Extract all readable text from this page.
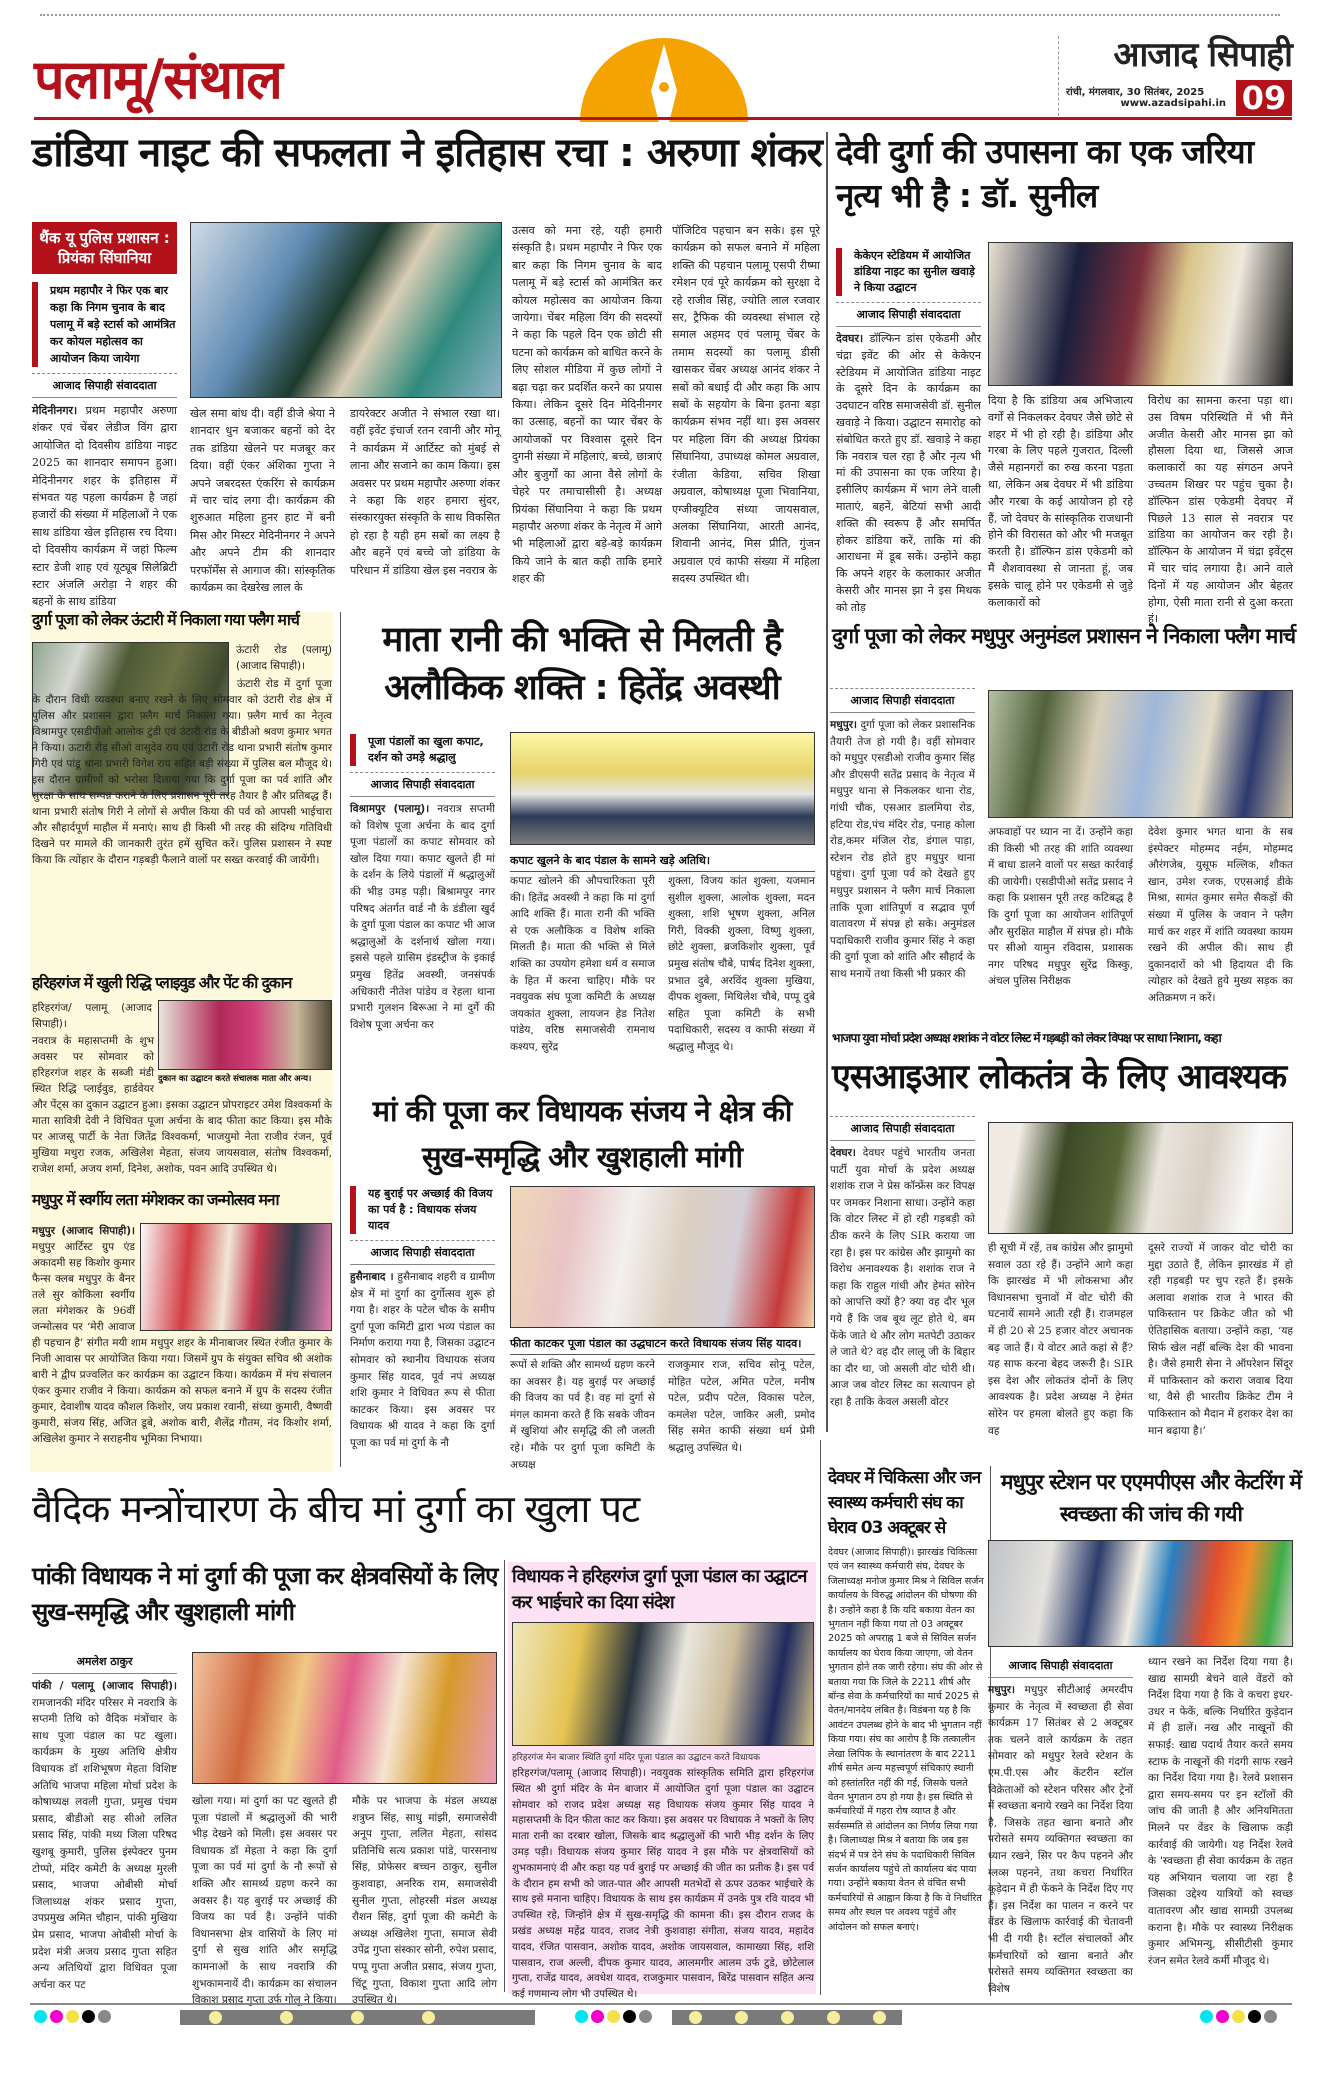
पलामू/संथाल	आजाद सिपाही
रांची, मंगलवार, 30 सितंबर, 2025
www.azadsipahi.in 09
डांडिया नाइट की सफलता ने इतिहास रचा : अरुणा शंकर
थैंक यू पुलिस प्रशासन : प्रियंका सिंघानिया
प्रथम महापौर ने फिर एक बार कहा कि निगम चुनाव के बाद पलामू में बड़े स्टार्स को आमंत्रित कर कोयल महोत्सव का आयोजन किया जायेगा
आजाद सिपाही संवाददाता
मेदिनीनगर। प्रथम महापौर अरुणा शंकर एवं चेंबर लेडीज विंग द्वारा आयोजित दो दिवसीय डांडिया नाइट 2025 का शानदार समापन हुआ। मेदिनीनगर शहर के इतिहास में संभवत यह पहला कार्यक्रम है जहां हजारों की संख्या में महिलाओं ने एक साथ डांडिया खेल इतिहास रच दिया। दो दिवसीय कार्यक्रम में जहां फिल्म स्टार डेजी शाह एवं यूट्यूब सिलेब्रिटी स्टार अंजलि अरोड़ा ने शहर की बहनों के साथ डांडिया
खेल समा बांध दी। वहीं डीजे श्रेया ने शानदार धुन बजाकर बहनों को देर तक डांडिया खेलने पर मजबूर कर दिया। वहीं एंकर अंशिका गुप्ता ने अपने जबरदस्त एंकरिंग से कार्यक्रम में चार चांद लगा दी। कार्यक्रम की शुरुआत महिला हुनर हाट में बनी मिस और मिस्टर मेदिनीनगर ने अपने और अपने टीम की शानदार परफॉर्मेंस से आगाज की। सांस्कृतिक कार्यक्रम का देखरेख लाल के
डायरेक्टर अजीत ने संभाल रखा था। वहीं इवेंट इंचार्ज रतन रवानी और मोनू ने कार्यक्रम में आर्टिस्ट को मुंबई से लाना और सजाने का काम किया। इस अवसर पर प्रथम महापौर अरुणा शंकर ने कहा कि शहर हमारा सुंदर, संस्कारयुक्त संस्कृति के साथ विकसित हो रहा है यही हम सबों का लक्ष्य है और बहनें एवं बच्चे जो डांडिया के परिधान में डांडिया खेल इस नवरात्र के
उत्सव को मना रहे, यही हमारी संस्कृति है। प्रथम महापौर ने फिर एक बार कहा कि निगम चुनाव के बाद पलामू में बड़े स्टार्स को आमंत्रित कर कोयल महोत्सव का आयोजन किया जायेगा। चेंबर महिला विंग की सदस्यों ने कहा कि पहले दिन एक छोटी सी घटना को कार्यक्रम को बाधित करने के लिए सोशल मीडिया में कुछ लोगों ने बढ़ा चढ़ा कर प्रदर्शित करने का प्रयास किया। लेकिन दूसरे दिन मेदिनीनगर का उत्साह, बहनों का प्यार चेंबर के आयोजकों पर विश्वास दूसरे दिन दुगनी संख्या में महिलाएं, बच्चे, छात्राएं और बुजुर्गों का आना वैसे लोगों के चेहरे पर तमाचासीसी है। अध्यक्ष प्रियंका सिंघानिया ने कहा कि प्रथम महापौर अरुणा शंकर के नेतृत्व में आगे भी महिलाओं द्वारा बड़े-बड़े कार्यक्रम किये जाने के बात कही ताकि हमारे शहर की
पॉजिटिव पहचान बन सके। इस पूरे कार्यक्रम को सफल बनाने में महिला शक्ति की पहचान पलामू एसपी रीष्मा रमेशन एवं पूरे कार्यक्रम को सुरक्षा दे रहे राजीव सिंह, ज्योति लाल रजवार सर, ट्रैफिक की व्यवस्था संभाल रहे समाल अहमद एवं पलामू चेंबर के तमाम सदस्यों का पलामू डीसी खासकर चेंबर अध्यक्ष आनंद शंकर ने सबों को बधाई दी और कहा कि आप सबों के सहयोग के बिना इतना बड़ा कार्यक्रम संभव नहीं था। इस अवसर पर महिला विंग की अध्यक्ष प्रियंका सिंघानिया, उपाध्यक्ष कोमल अग्रवाल, रंजीता केडिया, सचिव शिखा अग्रवाल, कोषाध्यक्ष पूजा भिवानिया, एग्जीक्यूटिव संध्या जायसवाल, अलका सिंघानिया, आरती आनंद, शिवानी आनंद, मिस प्रीति, गुंजन अग्रवाल एवं काफी संख्या में महिला सदस्य उपस्थित थी।
देवी दुर्गा की उपासना का एक जरिया नृत्य भी है : डॉ. सुनील
केकेएन स्टेडियम में आयोजित डांडिया नाइट का सुनील खवाड़े ने किया उद्घाटन
आजाद सिपाही संवाददाता
देवघर। डॉल्फिन डांस एकेडमी और चंद्रा इवेंट की ओर से केकेएन स्टेडियम में आयोजित डांडिया नाइट के दूसरे दिन के कार्यक्रम का उदघाटन वरिष्ठ समाजसेवी डॉ. सुनील खवाड़े ने किया। उद्घाटन समारोह को संबोधित करते हुए डॉ. खवाड़े ने कहा कि नवरात्र चल रहा है और नृत्य भी मां की उपासना का एक जरिया है। इसीलिए कार्यक्रम में भाग लेने वाली माताएं, बहनें, बेटियां सभी आदी शक्ति की स्वरूप हैं और समर्पित होकर डांडिया करें, ताकि मां की आराधना में डूब सकें। उन्होंने कहा कि अपने शहर के कलाकार अजीत केसरी और मानस झा ने इस मिथक को तोड़
दिया है कि डांडिया अब अभिजात्य वर्गों से निकलकर देवघर जैसे छोटे से शहर में भी हो रही है। डांडिया और गरबा के लिए पहले गुजरात, दिल्ली जैसे महानगरों का रुख करना पड़ता था, लेकिन अब देवघर में भी डांडिया और गरबा के कई आयोजन हो रहे हैं, जो देवघर के सांस्कृतिक राजधानी होने की विरासत को और भी मजबूत करती है। डॉल्फिन डांस एकेडमी को मैं शैशवावस्था से जानता हूं, जब इसके चालू होने पर एकेडमी से जुड़े कलाकारों को
विरोध का सामना करना पड़ा था। उस विषम परिस्थिति में भी मैंने अजीत केसरी और मानस झा को हौसला दिया था, जिससे आज कलाकारों का यह संगठन अपने उच्चतम शिखर पर पहुंच चुका है। डॉल्फिन डांस एकेडमी देवघर में पिछले 13 साल से नवरात्र पर डांडिया का आयोजन कर रही है। डॉल्फिन के आयोजन में चंद्रा इवेंट्स में चार चांद लगाया है। आने वाले दिनों में यह आयोजन और बेहतर होगा, ऐसी माता रानी से दुआ करता हूं।
दुर्गा पूजा को लेकर ऊंटारी में निकाला गया फ्लैग मार्च
ऊंटारी रोड (पलामू) (आजाद सिपाही)।
ऊंटारी रोड में दुर्गा पूजा के दौरान विधी व्यवस्था बनाए रखने के लिए सोमवार को उंटारी रोड क्षेत्र में पुलिस और प्रशासन द्वारा फ़्लैग मार्च निकाला गया। फ़्लैग मार्च का नेतृत्व विश्रामपुर एसडीपीओ आलोक टुंडी एवं उंटारी रोड के बीडीओ श्रवण कुमार भगत ने किया। ऊटारी रोड़ सीओ वासुदेव राय एवं उंटारी रोड थाना प्रभारी संतोष कुमार गिरी एवं पांडू थाना प्रभारी विगेश राय सहित बड़ी संख्या में पुलिस बल मौजूद थे। इस दौरान ग्रामीणों को भरोसा दिलाया गया कि दुर्गा पूजा का पर्व शांति और सुरक्षा के साथ सम्पन्न कराने के लिए प्रशासन पूरी तरह तैयार है और प्रतिबद्ध हैं। थाना प्रभारी संतोष गिरी ने लोगों से अपील किया की पर्व को आपसी भाईचारा और सौहार्दपूर्ण माहौल में मनाएं। साथ ही किसी भी तरह की संदिग्ध गतिविधी दिखने पर मामले की जानकारी तुरंत हमें सुचित करें। पुलिस प्रशासन ने स्पष्ट किया कि त्योंहार के दौरान गड़बड़ी फैलाने वालों पर सख्त करवाई की जायेंगी।
हरिहरगंज में खुली रिद्धि प्लाइवुड और पेंट की दुकान
दुकान का उद्घाटन करते संचालक माता और अन्य।
हरिहरगंज/ पलामू (आजाद सिपाही)।
नवरात्र के महासप्तमी के शुभ अवसर पर सोमवार को हरिहरगंज शहर के सब्जी मंडी स्थित रिद्धि प्लाईवुड, हार्डवेयर और पेंट्स का दुकान उद्घाटन हुआ। इसका उद्घाटन प्रोपराइटर उमेश विश्वकर्मा के माता सावित्री देवी ने विधिवत पूजा अर्चना के बाद फीता काट किया। इस मौके पर आजसू पार्टी के नेता जितेंद्र विश्वकर्मा, भाजयुमो नेता राजीव रंजन, पूर्व मुखिया मथुरा रजक, अखिलेश मेहता, संजय जायसवाल, संतोष विश्वकर्मा, राजेश शर्मा, अजय शर्मा, दिनेश, अशोक, पवन आदि उपस्थित थे।
मधुपुर में स्वर्गीय लता मंगेशकर का जन्मोत्सव मना
मधुपुर (आजाद सिपाही)। मधुपुर आर्टिस्ट ग्रुप एंड अकादमी सह किशोर कुमार फैन्स क्लब मधुपुर के बैनर तले सुर कोकिला स्वर्गीय लता मंगेशकर के 96वीं जन्मोत्सव पर ‘मेरी आवाज ही पहचान है’ संगीत मयी शाम मधुपुर शहर के मीनाबाजर स्थित रंजीत कुमार के निजी आवास पर आयोजित किया गया। जिसमें ग्रुप के संयुक्त सचिव श्री अशोक बारी ने द्वीप प्रज्वलित कर कार्यक्रम का उद्घाटन किया। कार्यक्रम में मंच संचालन एंकर कुमार राजीव ने किया। कार्यक्रम को सफल बनाने में ग्रुप के सदस्य रंजीत कुमार, देवाशीष यादव कौशल किशोर, जय प्रकाश रवानी, संध्या कुमारी, वैष्णवी कुमारी, संजय सिंह, अजित डूबे, अशोक बारी, शैलेंद्र गौतम, नंद किशोर शर्मा, अखिलेश कुमार ने सराहनीय भूमिका निभाया।
माता रानी की भक्ति से मिलती है अलौकिक शक्ति : हितेंद्र अवस्थी
पूजा पंडालों का खुला कपाट, दर्शन को उमड़े श्रद्धालु
आजाद सिपाही संवाददाता
विश्रामपुर (पलामू)। नवरात्र सप्तमी को विशेष पूजा अर्चना के बाद दुर्गा पूजा पंडालों का कपाट सोमवार को खोल दिया गया। कपाट खुलते ही मां के दर्शन के लिये पंडालों में श्रद्धालुओं की भीड़ उमड़ पड़ी। बिश्रामपुर नगर परिषद अंतर्गत वार्ड नौ के डंडीला खुर्द के दुर्गा पूजा पंडाल का कपाट भी आज श्रद्धालुओं के दर्शनार्थ खोला गया। इससे पहले ग्रासिम इंडस्ट्रीज के इकाई प्रमुख हितेंद्र अवस्थी, जनसंपर्क अधिकारी नीतेश पांडेय व रेहला थाना प्रभारी गुलशन बिरूआ ने मां दुर्गे की विशेष पूजा अर्चना कर
कपाट खुलने के बाद पंडाल के सामने खड़े अतिथि।
कपाट खोलने की औपचारिकता पूरी की। हितेंद्र अवस्थी ने कहा कि मां दुर्गा आदि शक्ति हैं। माता रानी की भक्ति से एक अलौकिक व विशेष शक्ति मिलती है। माता की भक्ति से मिले शक्ति का उपयोग हमेशा धर्म व समाज के हित में करना चाहिए। मौके पर नवयुवक संघ पूजा कमिटी के अध्यक्ष जयकांत शुक्ला, लायजन हेड नितेश पांडेय, वरिष्ठ समाजसेवी रामनाथ कश्यप, सुरेंद्र
शुक्ला, विजय कांत शुक्ला, यजमान सुशील शुक्ला, आलोक शुक्ला, मदन शुक्ला, शशि भूषण शुक्ला, अनिल गिरी, विक्की शुक्ला, विष्णु शुक्ला, छोटे शुक्ला, ब्रजकिशोर शुक्ला, पूर्व प्रमुख संतोष चौबे, पार्षद दिनेश शुक्ला, प्रभात दुबे, अरविंद शुक्ला मुखिया, दीपक शुक्ला, मिथिलेश चौबे, पप्पू दुबे सहित पूजा कमिटी के सभी पदाधिकारी, सदस्य व काफी संख्या में श्रद्धालु मौजूद थे।
मां की पूजा कर विधायक संजय ने क्षेत्र की सुख-समृद्धि और खुशहाली मांगी
यह बुराई पर अच्छाई की विजय का पर्व है : विधायक संजय यादव
आजाद सिपाही संवाददाता
हुसैनाबाद । हुसैनाबाद शहरी व ग्रामीण क्षेत्र में मां दुर्गा का दुर्गोत्सव शुरू हो गया है। शहर के पटेल चौक के समीप दुर्गा पूजा कमिटी द्वारा भव्य पंडाल का निर्माण कराया गया है, जिसका उद्घाटन सोमवार को स्थानीय विधायक संजय कुमार सिंह यादव, पूर्व नपं अध्यक्ष शशि कुमार ने विधिवत रूप से फीता काटकर किया। इस अवसर पर विधायक श्री यादव ने कहा कि दुर्गा पूजा का पर्व मां दुर्गा के नौ
फीता काटकर पूजा पंडाल का उद्धघाटन करते विधायक संजय सिंह यादव।
रूपों से शक्ति और सामर्थ्य ग्रहण करने का अवसर है। यह बुराई पर अच्छाई की विजय का पर्व है। वह मां दुर्गा से मंगल कामना करते हैं कि सबके जीवन में खुशियां और समृद्धि की लौ जलती रहे। मौके पर दुर्गा पूजा कमिटी के अध्यक्ष
राजकुमार राज, सचिव सोनू पटेल, मोहित पटेल, अमित पटेल, मनीष पटेल, प्रदीप पटेल, विकास पटेल, कमलेश पटेल, जाकिर अली, प्रमोद सिंह समेत काफी संख्या धर्म प्रेमी श्रद्धालु उपस्थित थे।
दुर्गा पूजा को लेकर मधुपुर अनुमंडल प्रशासन ने निकाला फ्लैग मार्च
आजाद सिपाही संवाददाता
मधुपुर। दुर्गा पूजा को लेकर प्रशासनिक तैयारी तेज हो गयी है। वहीं सोमवार को मधुपुर एसडीओ राजीव कुमार सिंह और डीएसपी सतेंद्र प्रसाद के नेतृत्व में मधुपुर थाना से निकलकर थाना रोड, गांधी चौक, एसआर डालमिया रोड, हटिया रोड,पंच मंदिर रोड, पनाह कोला रोड,कमर मंजिल रोड, डंगाल पाड़ा, स्टेशन रोड होते हुए मधुपुर थाना पहुंचा। दुर्गा पूजा पर्व को देखते हुए मधुपुर प्रशासन ने फ्लैग मार्च निकाला ताकि पूजा शांतिपूर्ण व सद्भाव पूर्ण वातावरण में संपन्न हो सके। अनुमंडल पदाधिकारी राजीव कुमार सिंह ने कहा की दुर्गा पूजा को शांति और सौहार्द के साथ मनायें तथा किसी भी प्रकार की
अफवाहों पर ध्यान ना दें। उन्होंने कहा की किसी भी तरह की शांति व्यवस्था में बाधा डालने वालों पर सख्त कार्रवाई की जायेगी। एसडीपीओ सतेंद्र प्रसाद ने कहा कि प्रशासन पूरी तरह कटिबद्ध है कि दुर्गा पूजा का आयोजन शांतिपूर्ण और सुरक्षित माहौल में संपन्न हो। मौके पर सीओ यामुन रविदास, प्रशासक नगर परिषद मधुपुर सुरेंद्र किस्कु, अंचल पुलिस निरीक्षक
देवेश कुमार भगत थाना के सब इंस्पेक्टर मोहम्मद नईम, मोहम्मद औरंगजेब, युसूफ मल्लिक, शौकत खान, उमेश रजक, एएसआई डीके मिश्रा, सामंत कुमार समेत सैकड़ों की संख्या में पुलिस के जवान ने फ्लैग मार्च कर शहर में शांति व्यवस्था कायम रखने की अपील की। साथ ही दुकानदारों को भी हिदायत दी कि त्योहार को देखते हुये मुख्य सड़क का अतिक्रमण न करें।
भाजपा युवा मोर्चा प्रदेश अध्यक्ष शशांक ने वोटर लिस्ट में गड़बड़ी को लेकर विपक्ष पर साधा निशाना, कहा
एसआइआर लोकतंत्र के लिए आवश्यक
आजाद सिपाही संवाददाता
देवघर। देवघर पहुंचे भारतीय जनता पार्टी युवा मोर्चा के प्रदेश अध्यक्ष शशांक राज ने प्रेस कॉन्फ्रेंस कर विपक्ष पर जमकर निशाना साधा। उन्होंने कहा कि वोटर लिस्ट में हो रही गड़बड़ी को ठीक करने के लिए SIR कराया जा रहा है। इस पर कांग्रेस और झामुमो का विरोध अनावश्यक है। शशांक राज ने कहा कि राहुल गांधी और हेमंत सोरेन को आपत्ति क्यों है? क्या वह दौर भूल गये हैं कि जब बूथ लूट होते थे, बम फेंके जाते थे और लोग मतपेटी उठाकर ले जाते थे? वह दौर लालू जी के बिहार का दौर था, जो असली वोट चोरी थी। आज जब वोटर लिस्ट का सत्यापन हो रहा है ताकि केवल असली वोटर
ही सूची में रहें, तब कांग्रेस और झामुमो सवाल उठा रहे हैं। उन्होंने आगे कहा कि झारखंड में भी लोकसभा और विधानसभा चुनावों में वोट चोरी की घटनायें सामने आती रही हैं। राजमहल में ही 20 से 25 हजार वोटर अचानक बढ़ जाते हैं। ये वोटर आते कहां से हैं? यह साफ करना बेहद जरूरी है। SIR इस देश और लोकतंत्र दोनों के लिए आवश्यक है। प्रदेश अध्यक्ष ने हेमंत सोरेन पर हमला बोलते हुए कहा कि वह
दूसरे राज्यों में जाकर वोट चोरी का मुद्दा उठाते हैं, लेकिन झारखंड में हो रही गड़बड़ी पर चुप रहते हैं। इसके अलावा शशांक राज ने भारत की पाकिस्तान पर क्रिकेट जीत को भी ऐतिहासिक बताया। उन्होंने कहा, ‘यह सिर्फ खेल नहीं बल्कि देश की भावना है। जैसे हमारी सेना ने ऑपरेशन सिंदूर में पाकिस्तान को करारा जवाब दिया था, वैसे ही भारतीय क्रिकेट टीम ने पाकिस्तान को मैदान में हराकर देश का मान बढ़ाया है।’
वैदिक मन्त्रोंचारण के बीच मां दुर्गा का खुला पट
पांकी विधायक ने मां दुर्गा की पूजा कर क्षेत्रवसियों के लिए सुख-समृद्धि और खुशहाली मांगी
अमलेश ठाकुर
पांकी / पलामू (आजाद सिपाही)। रामजानकी मंदिर परिसर मे नवरात्रि के सप्तमी तिथि को वैदिक मंत्रोंचार के साथ पूजा पंडाल का पट खुला। कार्यक्रम के मुख्य अतिथि क्षेत्रीय विधायक डॉ शशिभूषण मेहता विशिष्ट अतिथि भाजपा महिला मोर्चा प्रदेश के कोषाध्यक्ष लवली गुप्ता, प्रमुख पंचम प्रसाद, बीडीओ सह सीओ ललित प्रसाद सिंह, पांकी मध्य जिला परिषद खुशबू कुमारी, पुलिस इंस्पेक्टर पुनम टोप्पो, मंदिर कमेटी के अध्यक्ष मुरली प्रसाद, भाजपा ओबीसी मोर्चा जिलाध्यक्ष शंकर प्रसाद गुप्ता, उपप्रमुख अमित चौहान, पांकी मुखिया प्रेम प्रसाद, भाजपा ओबीसी मोर्चा के प्रदेश मंत्री अजय प्रसाद गुप्ता सहित अन्य अतिथियों द्वारा विधिवत पूजा अर्चना कर पट
खोला गया। मां दुर्गा का पट खुलते ही पूजा पंडालों में श्रद्धालुओं की भारी भीड़ देखने को मिली। इस अवसर पर विधायक डॉ मेहता ने कहा कि दुर्गा पूजा का पर्व मां दुर्गा के नौ रूपों से शक्ति और सामर्थ्य ग्रहण करने का अवसर है। यह बुराई पर अच्छाई की विजय का पर्व है। उन्होंने पांकी विधानसभा क्षेत्र वासियों के लिए मां दुर्गा से सुख शांति और समृद्धि कामनाओं के साथ नवरात्रि की शुभकामनायें दी। कार्यक्रम का संचालन विकाश प्रसाद गुप्ता उर्फ गोलू ने किया।
मौके पर भाजपा के मंडल अध्यक्ष शत्रुघ्न सिंह, साधु मांझी, समाजसेवी अनूप गुप्ता, ललित मेहता, सांसद प्रतिनिधि सत्य प्रकाश पांडे, पारसनाथ सिंह, प्रोफेसर बच्चन ठाकुर, सुनील कुशवाहा, अनरिक राम, समाजसेवी सुनील गुप्ता, लोहरसी मंडल अध्यक्ष रौशन सिंह, दुर्गा पूजा की कमेटी के अध्यक्ष अखिलेश गुप्ता, समाज सेवी उपेंद्र गुप्ता संस्कार सोनी, रुपेश प्रसाद, पप्पू गुप्ता अजीत प्रसाद, संजय गुप्ता, चिंटू गुप्ता, विकाश गुप्ता आदि लोग उपस्थित थे।
विधायक ने हरिहरगंज दुर्गा पूजा पंडाल का उद्घाटन कर भाईचारे का दिया संदेश
हरिहरगंज मेन बाजार स्थिति दुर्गा मंदिर पूजा पंडाल का उद्घाटन करते विधायक
हरिहरगंज/पलामू (आजाद सिपाही)। नवयुवक सांस्कृतिक समिति द्वारा हरिहरगंज स्थित श्री दुर्गा मंदिर के मेन बाजार में आयोजित दुर्गा पूजा पंडाल का उद्घाटन सोमवार को राजद प्रदेश अध्यक्ष सह विधायक संजय कुमार सिंह यादव ने महासप्तमी के दिन फीता काट कर किया। इस अवसर पर विधायक ने भक्तों के लिए माता रानी का दरबार खोला, जिसके बाद श्रद्धालुओं की भारी भीड़ दर्शन के लिए उमड़ पड़ी। विधायक संजय कुमार सिंह यादव ने इस मौके पर क्षेत्रवासियों को शुभकामनाएं दी और कहा यह पर्व बुराई पर अच्छाई की जीत का प्रतीक है। इस पर्व के दौरान हम सभी को जात-पात और आपसी मतभेदों से ऊपर उठकर भाईचारे के साथ इसे मनाना चाहिए। विधायक के साथ इस कार्यक्रम में उनके पुत्र रवि यादव भी उपस्थित रहे, जिन्होंने क्षेत्र में सुख-समृद्धि की कामना की। इस दौरान राजद के प्रखंड अध्यक्ष महेंद्र यादव, राजद नेत्री कुशवाहा संगीता, संजय यादव, महादेव यादव, रंजित पासवान, अशोक यादव, अशोक जायसवाल, कामाख्या सिंह, शशि पासवान, राज अल्ली, दीपक कुमार यादव, आलमगीर आलम उर्फ टुडे, छोटेलाल गुप्ता, राजेंद्र यादव, अवधेश यादव, राजकुमार पासवान, बिरेंद्र पासवान सहित अन्य कई गणमान्य लोग भी उपस्थित थे।
देवघर में चिकित्सा और जन स्वास्थ्य कर्मचारी संघ का घेराव 03 अक्टूबर से
देवघर (आजाद सिपाही)। झारखंड चिकित्सा एवं जन स्वास्थ्य कर्मचारी संघ, देवघर के जिलाध्यक्ष मनोज कुमार मिश्र ने सिविल सर्जन कार्यालय के विरुद्ध आंदोलन की घोषणा की है। उन्होंने कहा है कि यदि बकाया वेतन का भुगतान नहीं किया गया तो 03 अक्टूबर 2025 को अपराह्न 1 बजे से सिविल सर्जन कार्यालय का घेराव किया जाएगा, जो वेतन भुगतान होने तक जारी रहेगा। संघ की ओर से बताया गया कि जिले के 2211 शीर्ष और बॉन्ड सेवा के कर्मचारियों का मार्च 2025 से वेतन/मानदेय लंबित है। विडंबना यह है कि आवंटन उपलब्ध होने के बाद भी भुगतान नहीं किया गया। संघ का आरोप है कि तत्कालीन लेखा लिपिक के स्थानांतरण के बाद 2211 शीर्ष समेत अन्य महत्त्वपूर्ण संचिकाएं स्थानी को हस्तांतरित नहीं की गईं, जिसके चलते वेतन भुगतान ठप हो गया है। इस स्थिति से कर्मचारियों में गहरा रोष व्याप्त है और सर्वसम्मति से आंदोलन का निर्णय लिया गया है। जिलाध्यक्ष मिश्र ने बताया कि जब इस संदर्भ में पत्र देने संघ के पदाधिकारी सिविल सर्जन कार्यालय पहुंचे तो कार्यालय बंद पाया गया। उन्होंने बकाया वेतन से वंचित सभी कर्मचारियों से आह्वान किया है कि वे निर्धारित समय और स्थल पर अवश्य पहुंचें और आंदोलन को सफल बनाएं।
मधुपुर स्टेशन पर एएमपीएस और केटरिंग में स्वच्छता की जांच की गयी
आजाद सिपाही संवाददाता
मधुपुर। मधुपुर सीटीआई अमरदीप कुमार के नेतृत्व में स्वच्छता ही सेवा कार्यक्रम 17 सितंबर से 2 अक्टूबर तक चलने वाले कार्यक्रम के तहत सोमवार को मधुपुर रेलवे स्टेशन के एम.पी.एस और केंटरीन स्टॉल विक्रेताओं को स्टेशन परिसर और ट्रेनों में स्वच्छता बनाये रखने का निर्देश दिया है, जिसके तहत खाना बनाते और परोसते समय व्यक्तिगत स्वच्छता का ध्यान रखने, सिर पर कैप पहनने और ग्लव्स पहनने, तथा कचरा निर्धारित कूड़ेदान में ही फेंकने के निर्देश दिए गए हैं। इस निर्देश का पालन न करने पर वेंडर के खिलाफ कार्रवाई की चेतावनी भी दी गयी है। स्टॉल संचालकों और कर्मचारियों को खाना बनाते और परोसते समय व्यक्तिगत स्वच्छता का विशेष
ध्यान रखने का निर्देश दिया गया है। खाद्य सामग्री बेचने वाले वेंडरों को निर्देश दिया गया है कि वे कचरा इधर-उधर न फेकें, बल्कि निर्धारित कुड़ेदान में ही डालें। नख और नाखूनों की सफाई: खाद्य पदार्थ तैयार करते समय स्टाफ के नाखूनों की गंदगी साफ रखने का निर्देश दिया गया है। रेलवे प्रशासन द्वारा समय-समय पर इन स्टॉलों की जांच की जाती है और अनियमितता मिलने पर वेंडर के खिलाफ कड़ी कार्रवाई की जायेगी। यह निर्देश रेलवे के 'स्वच्छता ही सेवा कार्यक्रम के तहत यह अभियान चलाया जा रहा है जिसका उद्देश्य यात्रियों को स्वच्छ वातावरण और खाद्य सामग्री उपलब्ध कराना है। मौके पर स्वास्थ्य निरीक्षक कुमार अभिमन्यु, सीसीटीसी कुमार रंजन समेत रेलवे कर्मी मौजूद थे।
